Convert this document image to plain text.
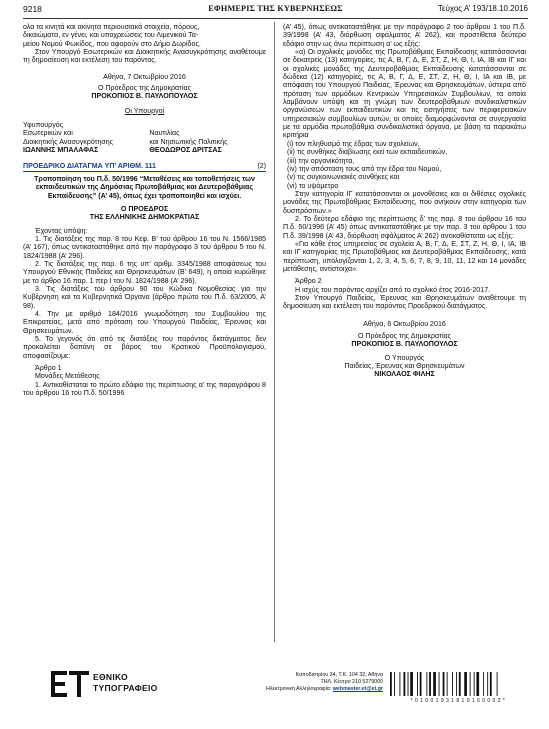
9218	ΕΦΗΜΕΡΙΣ ΤΗΣ ΚΥΒΕΡΝΗΣΕΩΣ	Τεύχος Α’ 193/18.10.2016

ολα τα κινητά και ακίνητα περιουσιακά στοιχεία, πόρους,

δικαιώματα, εν γένει, και υποχρεώσεις του Λιμενικού Τα-

μείου Νομού Φωκίδος, που αφορούν στο Δήμο Δωρίδος.

Στον Υπουργό Εσωτερικών και Διοικητικής Ανασυγκρότησης αναθέτουμε τη δημοσίευση και εκτέλεση του παρόντος.

Αθήνα, 7 Οκτωβρίου 2016

Ο Πρόεδρος της Δημοκρατίας

ΠΡΟΚΟΠΙΟΣ Β. ΠΑΥΛΟΠΟΥΛΟΣ

Οι Υπουργοί

Υφυπουργός

Εσωτερικών και

Διοικητικής Ανασυγκρότησης

ΙΩΑΝΝΗΣ ΜΠΑΛΑΦΑΣ

Ναυτιλίας

και Νησιωτικής Πολιτικής

ΘΕΟΔΩΡΟΣ ΔΡΙΤΣΑΣ

ΠΡΟΕΔΡΙΚΟ ΔΙΑΤΑΓΜΑ ΥΠ’ ΑΡΙΘΜ. 111	(2)

Τροποποίηση του Π.δ. 50/1996 “Μεταθέσεις και τοποθετήσεις των εκπαιδευτικών της Δημόσιας Πρωτοβάθμιας και Δευτεροβάθμιας Εκπαίδευσης” (Α’ 45), όπως έχει τροποποιηθεί και ισχύει.

Ο ΠΡΟΕΔΡΟΣ

ΤΗΣ ΕΛΛΗΝΙΚΗΣ ΔΗΜΟΚΡΑΤΙΑΣ

Έχοντας υπόψη:

1. Τις διατάξεις της παρ. 8 του Κεφ. Β’ του άρθρου 16 του Ν. 1566/1985 (Α’ 167), όπως αντικαταστάθηκε από την παράγραφο 3 του άρθρου 5 του Ν. 1824/1988 (Α’ 296).

2. Τις διατάξεις της παρ. 6 της υπ’ αριθμ. 3345/1988 αποφάσεως του Υπουργού Εθνικής Παιδείας και Θρησκευμάτων (Β’ 649), η οποία κυρώθηκε με το άρθρο 16 παρ. 1 περ Ι του Ν. 1824/1988 (Α’ 296).

3. Τις διατάξεις του άρθρου 90 του Κώδικα Νομοθεσίας για την Κυβέρνηση και τα Κυβερνητικά Όργανα (άρθρο πρώτο του Π.δ. 63/2005, Α’ 98).

4. Την με αριθμό 184/2016 γνωμοδότηση του Συμβουλίου της Επικρατείας, μετά από πρόταση του Υπουργού Παιδείας, Έρευνας και Θρησκευμάτων.

5. Το γεγονός ότι από τις διατάξεις του παρόντος διατάγματος δεν προκαλείται δαπάνη σε βάρος του Κρατικού Προϋπολογισμού, αποφασίζουμε:

Άρθρο 1

Μονάδες Μετάθεσης

1. Αντικαθίσταται το πρώτο εδάφιο της περίπτωσης α’ της παραγράφου 8 του άρθρου 16 του Π.δ. 50/1996

(Α’ 45), όπως αντικαταστάθηκε με την παράγραφο 2 του άρθρου 1 του Π.δ. 39/1998 (Α’ 43, διόρθωση σφάλματος Α’ 262), και προστίθεται δεύτερο εδάφιο στην ως άνω περίπτωση α’ ως εξής:

«α) Οι σχολικές μονάδες της Πρωτοβάθμιας Εκπαίδευσης κατατάσσονται σε δεκατρείς (13) κατηγορίες, τις Α, Β, Γ, Δ, Ε, ΣΤ, Ζ, Η, Θ, Ι, ΙΑ, ΙΒ και ΙΓ και οι σχολικές μονάδες της Δευτεροβάθμιας Εκπαίδευσης κατατάσσονται σε δώδεκα (12) κατηγορίες, τις Α, Β, Γ, Δ, Ε, ΣΤ, Ζ, Η, Θ, Ι, ΙΑ και ΙΒ, με απόφαση του Υπουργού Παιδείας, Έρευνας και Θρησκευμάτων, ύστερα από πρόταση των αρμόδιων Κεντρικών Υπηρεσιακών Συμβουλίων, τα οποία λαμβάνουν υπόψη και τη γνώμη των δευτεροβάθμιων συνδικαλιστικών οργανώσεων των εκπαιδευτικών και τις εισηγήσεις των περιφερειακών υπηρεσιακών συμβουλίων αυτών, οι οποίες διαμορφώνονται σε συνεργασία με τα αρμόδια πρωτοβάθμια συνδικαλιστικά όργανα, με βάση τα παρακάτω κριτήρια

(i) τον πληθυσμό της έδρας των σχολείων,

(ii) τις συνθήκες διαβίωσης εκεί των εκπαιδευτικών,

(iii) την οργανικότητα,

(iv) την απόσταση τους από την έδρα του Νομού,

(v) τις συγκοινωνιακές συνθήκες και

(vi) το υψόμετρο

Στην κατηγορία ΙΓ κατατάσσονται οι μονοθέσιες και οι διθέσιες σχολικές μονάδες της Πρωτοβάθμιας Εκπαίδευσης, που ανήκουν στην κατηγορία των δυσπρόσιτων.»

2. Το δεύτερο εδάφιο της περίπτωσης δ’ της παρ. 8 του άρθρου 16 του Π.δ. 50/1996 (Α’ 45) όπως αντικαταστάθηκε με την παρ. 3 του άρθρου 1 του Π.δ. 39/1998 (Α’ 43, διόρθωση σφάλματος Α’ 262) αντικαθίσταται ως εξής:

«Για κάθε έτος υπηρεσίας σε σχολεία Α, Β, Γ, Δ, Ε, ΣΤ, Ζ, Η, Θ, Ι, ΙΑ, ΙΒ και ΙΓ κατηγορίας της Πρωτοβάθμιας και Δευτεροβάθμιας Εκπαίδευσης, κατά περίπτωση, υπολογίζονται 1, 2, 3, 4, 5, 6, 7, 8, 9, 10, 11, 12 και 14 μονάδες μετάθεσης, αντίστοιχα».

Άρθρο 2

Η ισχύς του παρόντος αρχίζει από το σχολικό έτος 2016-2017.

Στον Υπουργό Παιδείας, Έρευνας και Θρησκευμάτων αναθέτουμε τη δημοσίευση και εκτέλεση του παρόντος Προεδρικού διατάγματος.

Αθήνα, 6 Οκτωβρίου 2016

Ο Πρόεδρος της Δημοκρατίας

ΠΡΟΚΟΠΙΟΣ Β. ΠΑΥΛΟΠΟΥΛΟΣ

Ο Υπουργός

Παιδείας, Έρευνας και Θρησκευμάτων

ΝΙΚΟΛΑΟΣ ΦΙΛΗΣ

ΕΘΝΙΚΟ
ΤΥΠΟΓΡΑΦΕΙΟ
Καποδιστρίου 34, Τ.Κ. 104 32, Αθήνα
ΤΗΛ. Κέντρο 210 5279000
Ηλεκτρονική Αλληλογραφία: webmaster.et@et.gr
* 0 1 0 0 1 9 3 1 8 1 0 1 6 0 0 0 2 *
